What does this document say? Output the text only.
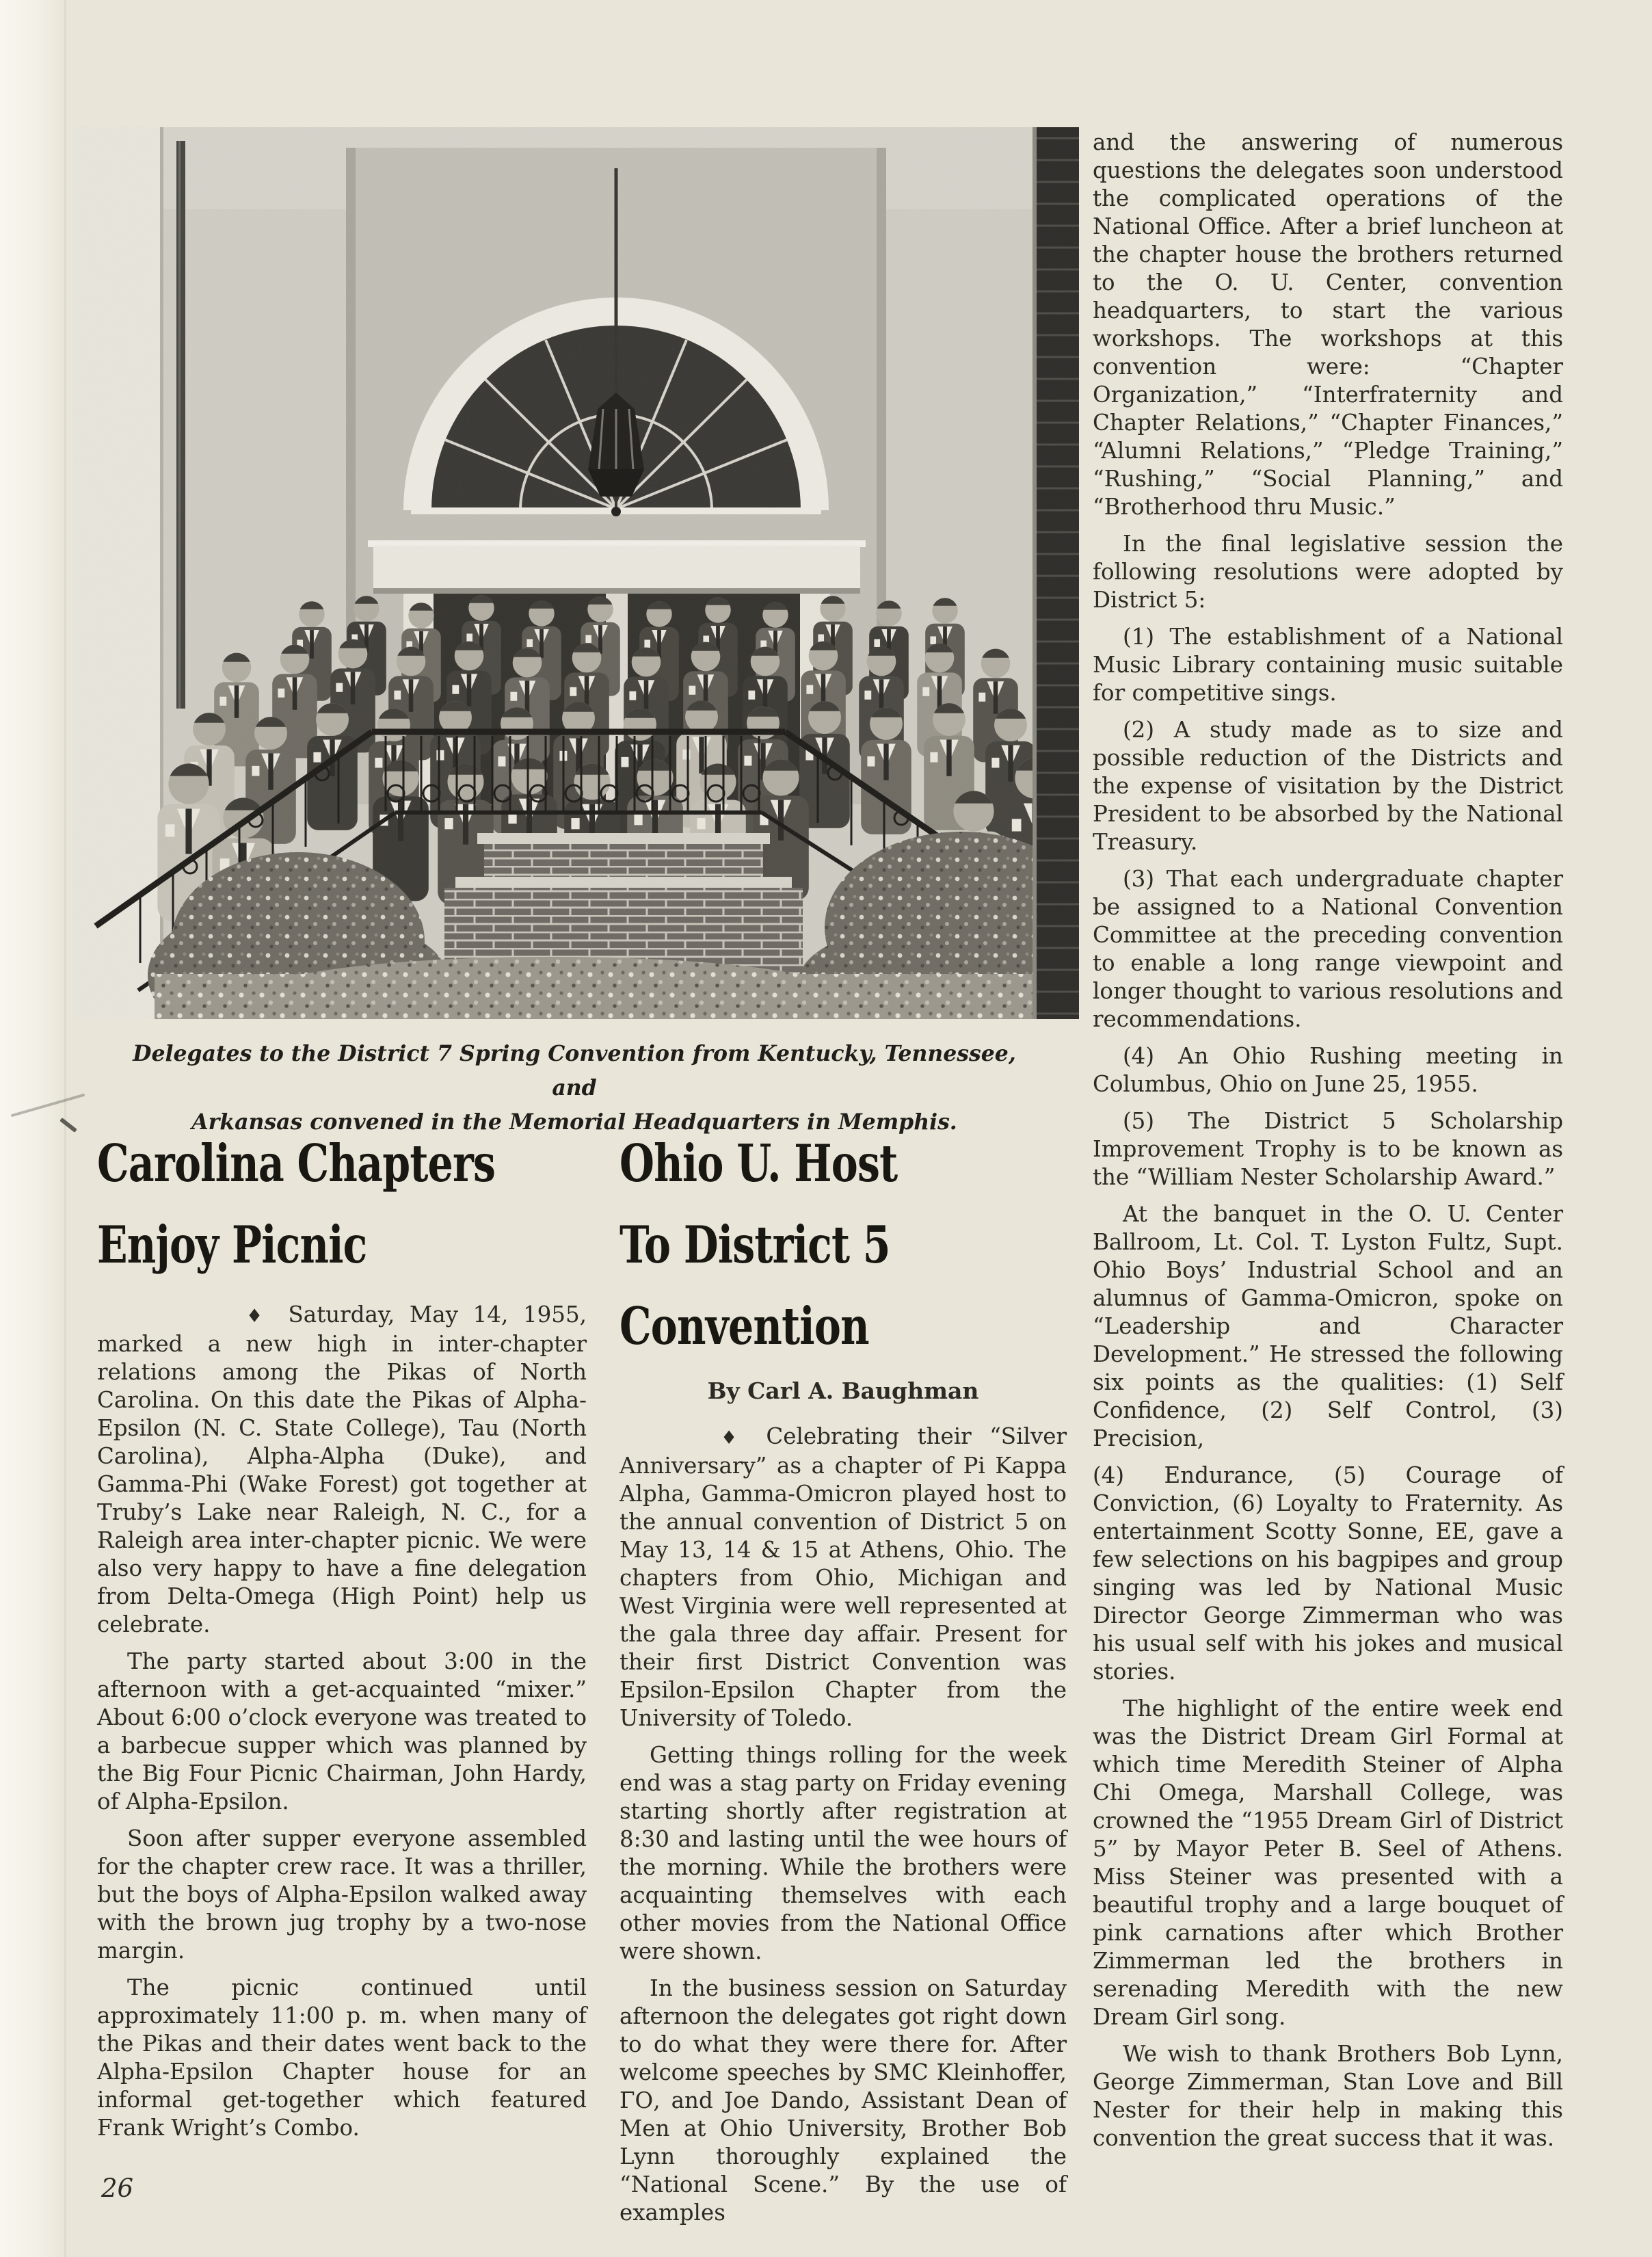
Delegates to the District 7 Spring Convention from Kentucky, Tennessee, and
Arkansas convened in the Memorial Headquarters in Memphis.
Carolina Chapters
Enjoy Picnic

♦ Saturday, May 14, 1955, marked a new high in inter-chapter relations among the Pikas of North Carolina. On this date the Pikas of Alpha-Epsilon (N. C. State College), Tau (North Carolina), Alpha-Alpha (Duke), and Gamma-Phi (Wake Forest) got together at Truby’s Lake near Raleigh, N. C., for a Raleigh area inter-chapter picnic. We were also very happy to have a fine delegation from Delta-Omega (High Point) help us celebrate.

The party started about 3:00 in the afternoon with a get-acquainted “mixer.” About 6:00 o’clock everyone was treated to a barbecue supper which was planned by the Big Four Picnic Chairman, John Hardy, of Alpha-Epsilon.

Soon after supper everyone assembled for the chapter crew race. It was a thriller, but the boys of Alpha-Epsilon walked away with the brown jug trophy by a two-nose margin.

The picnic continued until approximately 11:00 p. m. when many of the Pikas and their dates went back to the Alpha-Epsilon Chapter house for an informal get-together which featured Frank Wright’s Combo.

Ohio U. Host
To District 5
Convention
By Carl A. Baughman

♦ Celebrating their “Silver Anniversary” as a chapter of Pi Kappa Alpha, Gamma-Omicron played host to the annual convention of District 5 on May 13, 14 & 15 at Athens, Ohio. The chapters from Ohio, Michigan and West Virginia were well represented at the gala three day affair. Present for their first District Convention was Epsilon-Epsilon Chapter from the University of Toledo.

Getting things rolling for the week end was a stag party on Friday evening starting shortly after registration at 8:30 and lasting until the wee hours of the morning. While the brothers were acquainting themselves with each other movies from the National Office were shown.

In the business session on Saturday afternoon the delegates got right down to do what they were there for. After welcome speeches by SMC Kleinhoffer, ΓΟ, and Joe Dando, Assistant Dean of Men at Ohio University, Brother Bob Lynn thoroughly explained the “National Scene.” By the use of examples

and the answering of numerous questions the delegates soon understood the complicated operations of the National Office. After a brief luncheon at the chapter house the brothers returned to the O. U. Center, convention headquarters, to start the various workshops. The workshops at this convention were: “Chapter Organization,” “Interfraternity and Chapter Relations,” “Chapter Finances,” “Alumni Relations,” “Pledge Training,” “Rushing,” “Social Planning,” and “Brotherhood thru Music.”

In the final legislative session the following resolutions were adopted by District 5:

(1) The establishment of a National Music Library containing music suitable for competitive sings.

(2) A study made as to size and possible reduction of the Districts and the expense of visitation by the District President to be absorbed by the National Treasury.

(3) That each undergraduate chapter be assigned to a National Convention Committee at the preceding convention to enable a long range viewpoint and longer thought to various resolutions and recommendations.

(4) An Ohio Rushing meeting in Columbus, Ohio on June 25, 1955.

(5) The District 5 Scholarship Improvement Trophy is to be known as the “William Nester Scholarship Award.”

At the banquet in the O. U. Center Ballroom, Lt. Col. T. Lyston Fultz, Supt. Ohio Boys’ Industrial School and an alumnus of Gamma-Omicron, spoke on “Leadership and Character Development.” He stressed the following six points as the qualities: (1) Self Confidence, (2) Self Control, (3) Precision,

(4) Endurance, (5) Courage of Conviction, (6) Loyalty to Fraternity. As entertainment Scotty Sonne, ΕΕ, gave a few selections on his bagpipes and group singing was led by National Music Director George Zimmerman who was his usual self with his jokes and musical stories.

The highlight of the entire week end was the District Dream Girl Formal at which time Meredith Steiner of Alpha Chi Omega, Marshall College, was crowned the “1955 Dream Girl of District 5” by Mayor Peter B. Seel of Athens. Miss Steiner was presented with a beautiful trophy and a large bouquet of pink carnations after which Brother Zimmerman led the brothers in serenading Meredith with the new Dream Girl song.

We wish to thank Brothers Bob Lynn, George Zimmerman, Stan Love and Bill Nester for their help in making this convention the great success that it was.

26
